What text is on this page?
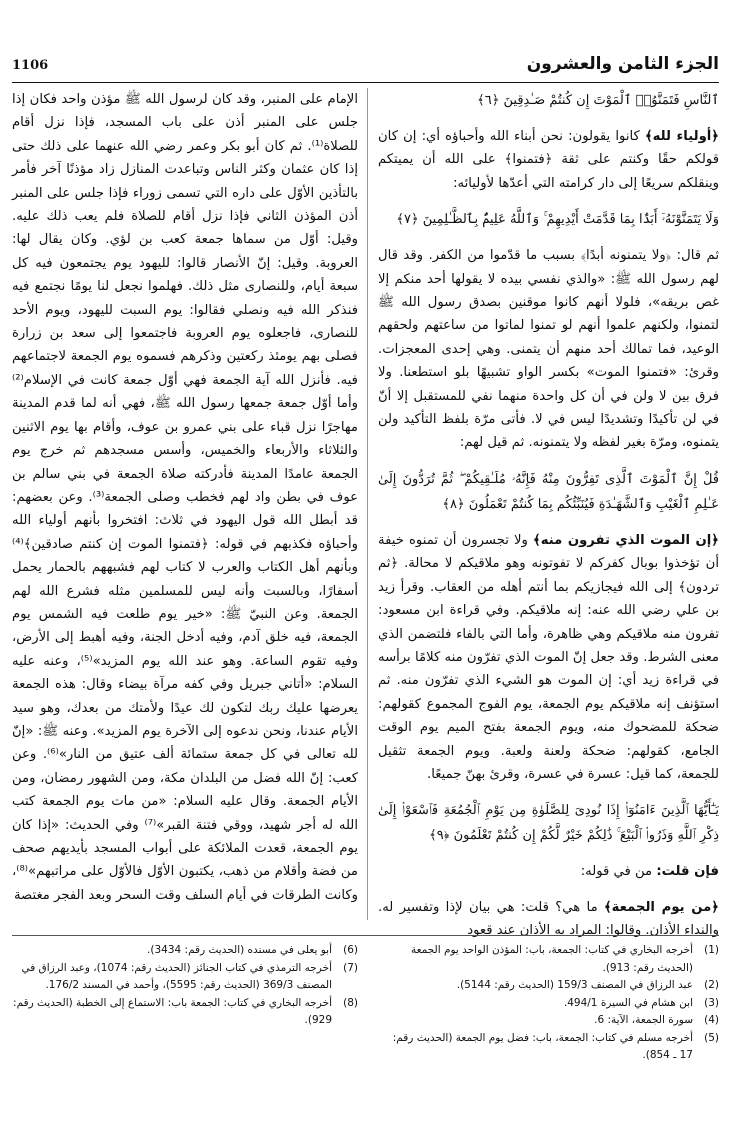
1106	الجزء الثامن والعشرون

ٱلنَّاسِ فَتَمَنَّوُا۟ ٱلْمَوْتَ إِن كُنتُمْ صَـٰدِقِينَ ﴿٦﴾

﴿أولياء لله﴾ كانوا يقولون: نحن أبناء الله وأحباؤه أي: إن كان قولكم حقًا وكنتم على ثقة ﴿فتمنوا﴾ على الله أن يميتكم وينقلكم سريعًا إلى دار كرامته التي أعدّها لأوليائه:

وَلَا يَتَمَنَّوْنَهُۥٓ أَبَدًۢا بِمَا قَدَّمَتْ أَيْدِيهِمْ ۚ وَٱللَّهُ عَلِيمٌۢ بِٱلظَّـٰلِمِينَ ﴿٧﴾

ثم قال: ﴿ولا يتمنونه أبدًا﴾ بسبب ما قدّموا من الكفر. وقد قال لهم رسول الله ﷺ: «والذي نفسي بيده لا يقولها أحد منكم إلا غص بريقه»، فلولا أنهم كانوا موقنين بصدق رسول الله ﷺ لتمنوا، ولكنهم علموا أنهم لو تمنوا لماتوا من ساعتهم ولحقهم الوعيد، فما تمالك أحد منهم أن يتمنى. وهي إحدى المعجزات. وقرئ: «فتمنوا الموت» بكسر الواو تشبيهًا بلو استطعنا. ولا فرق بين لا ولن في أن كل واحدة منهما نفي للمستقبل إلا أنّ في لن تأكيدًا وتشديدًا ليس في لا. فأتى مرّة بلفظ التأكيد ولن يتمنوه، ومرّة بغير لفظه ولا يتمنونه. ثم قيل لهم:

قُلْ إِنَّ ٱلْمَوْتَ ٱلَّذِى تَفِرُّونَ مِنْهُ فَإِنَّهُۥ مُلَـٰقِيكُمْ ۖ ثُمَّ تُرَدُّونَ إِلَىٰ عَـٰلِمِ ٱلْغَيْبِ وَٱلشَّهَـٰدَةِ فَيُنَبِّئُكُم بِمَا كُنتُمْ تَعْمَلُونَ ﴿٨﴾

﴿إن الموت الذي تفرون منه﴾ ولا تجسرون أن تمنوه خيفة أن تؤخذوا بوبال كفركم لا تفوتونه وهو ملاقيكم لا محالة. ﴿ثم تردون﴾ إلى الله فيجازيكم بما أنتم أهله من العقاب. وقرأ زيد بن علي رضي الله عنه: إنه ملاقيكم. وفي قراءة ابن مسعود: تفرون منه ملاقيكم وهي ظاهرة، وأما التي بالفاء فلتضمن الذي معنى الشرط. وقد جعل إنّ الموت الذي تفرّون منه كلامًا برأسه في قراءة زيد أي: إن الموت هو الشيء الذي تفرّون منه. ثم استؤنف إنه ملاقيكم يوم الجمعة، يوم الفوج المجموع كقولهم: ضحكة للمضحوك منه، ويوم الجمعة بفتح الميم يوم الوقت الجامع، كقولهم: ضحكة ولعنة ولعبة. ويوم الجمعة تثقيل للجمعة، كما قيل: عسرة في عسرة، وقرئ بهنّ جميعًا.

يَـٰٓأَيُّهَا ٱلَّذِينَ ءَامَنُوٓا۟ إِذَا نُودِىَ لِلصَّلَوٰةِ مِن يَوْمِ ٱلْجُمُعَةِ فَٱسْعَوْا۟ إِلَىٰ ذِكْرِ ٱللَّهِ وَذَرُوا۟ ٱلْبَيْعَ ۚ ذَٰلِكُمْ خَيْرٌ لَّكُمْ إِن كُنتُمْ تَعْلَمُونَ ﴿٩﴾

فإن قلت: من في قوله:

﴿من يوم الجمعة﴾ ما هي؟ قلت: هي بيان لإذا وتفسير له. والنداء الأذان. وقالوا: المراد به الأذان عند قعود

الإمام على المنبر، وقد كان لرسول الله ﷺ مؤذن واحد فكان إذا جلس على المنبر أذن على باب المسجد، فإذا نزل أقام للصلاة⁽¹⁾. ثم كان أبو بكر وعمر رضي الله عنهما على ذلك حتى إذا كان عثمان وكثر الناس وتباعدت المنازل زاد مؤذنًا آخر فأمر بالتأذين الأوّل على داره التي تسمى زوراء فإذا جلس على المنبر أذن المؤذن الثاني فإذا نزل أقام للصلاة فلم يعب ذلك عليه. وقيل: أوّل من سماها جمعة كعب بن لؤي. وكان يقال لها: العروبة. وقيل: إنّ الأنصار قالوا: لليهود يوم يجتمعون فيه كل سبعة أيام، وللنصارى مثل ذلك. فهلموا نجعل لنا يومًا نجتمع فيه فنذكر الله فيه ونصلي فقالوا: يوم السبت لليهود، ويوم الأحد للنصارى، فاجعلوه يوم العروبة فاجتمعوا إلى سعد بن زرارة فصلى بهم يومئذ ركعتين وذكرهم فسموه يوم الجمعة لاجتماعهم فيه. فأنزل الله آية الجمعة فهي أوّل جمعة كانت في الإسلام⁽²⁾ وأما أوّل جمعة جمعها رسول الله ﷺ، فهي أنه لما قدم المدينة مهاجرًا نزل قباء على بني عمرو بن عوف، وأقام بها يوم الاثنين والثلاثاء والأربعاء والخميس، وأسس مسجدهم ثم خرج يوم الجمعة عامدًا المدينة فأدركته صلاة الجمعة في بني سالم بن عوف في بطن واد لهم فخطب وصلى الجمعة⁽³⁾. وعن بعضهم: قد أبطل الله قول اليهود في ثلاث: افتخروا بأنهم أولياء الله وأحباؤه فكذبهم في قوله: ﴿فتمنوا الموت إن كنتم صادقين﴾⁽⁴⁾ وبأنهم أهل الكتاب والعرب لا كتاب لهم فشبههم بالحمار يحمل أسفارًا، وبالسبت وأنه ليس للمسلمين مثله فشرع الله لهم الجمعة. وعن النبيّ ﷺ: «خير يوم طلعت فيه الشمس يوم الجمعة، فيه خلق آدم، وفيه أدخل الجنة، وفيه أهبط إلى الأرض، وفيه تقوم الساعة. وهو عند الله يوم المزيد»⁽⁵⁾، وعنه عليه السلام: «أتاني جبريل وفي كفه مرآة بيضاء وقال: هذه الجمعة يعرضها عليك ربك لتكون لك عيدًا ولأمتك من بعدك، وهو سيد الأيام عندنا، ونحن ندعوه إلى الآخرة يوم المزيد». وعنه ﷺ: «إنّ لله تعالى في كل جمعة ستمائة ألف عتيق من النار»⁽⁶⁾. وعن كعب: إنّ الله فضل من البلدان مكة، ومن الشهور رمضان، ومن الأيام الجمعة. وقال عليه السلام: «من مات يوم الجمعة كتب الله له أجر شهيد، ووقي فتنة القبر»⁽⁷⁾ وفي الحديث: «إذا كان يوم الجمعة، قعدت الملائكة على أبواب المسجد بأيديهم صحف من فضة وأقلام من ذهب، يكتبون الأوّل فالأوّل على مراتبهم»⁽⁸⁾، وكانت الطرقات في أيام السلف وقت السحر وبعد الفجر مغتصة

(1)
أخرجه البخاري في كتاب: الجمعة، باب: المؤذن الواحد يوم الجمعة (الحديث رقم: 913).
(2)
عبد الرزاق في المصنف 159/3 (الحديث رقم: 5144).
(3)
ابن هشام في السيرة 494/1.
(4)
سورة الجمعة، الآية: 6.
(5)
أخرجه مسلم في كتاب: الجمعة، باب: فضل يوم الجمعة (الحديث رقم: 17 ـ 854).
(6)
أبو يعلى في مسنده (الحديث رقم: 3434).
(7)
أخرجه الترمذي في كتاب الجنائز (الحديث رقم: 1074)، وعبد الرزاق في المصنف 369/3 (الحديث رقم: 5595)، وأحمد في المسند 176/2.
(8)
أخرجه البخاري في كتاب: الجمعة باب: الاستماع إلى الخطبة (الحديث رقم: 929).
